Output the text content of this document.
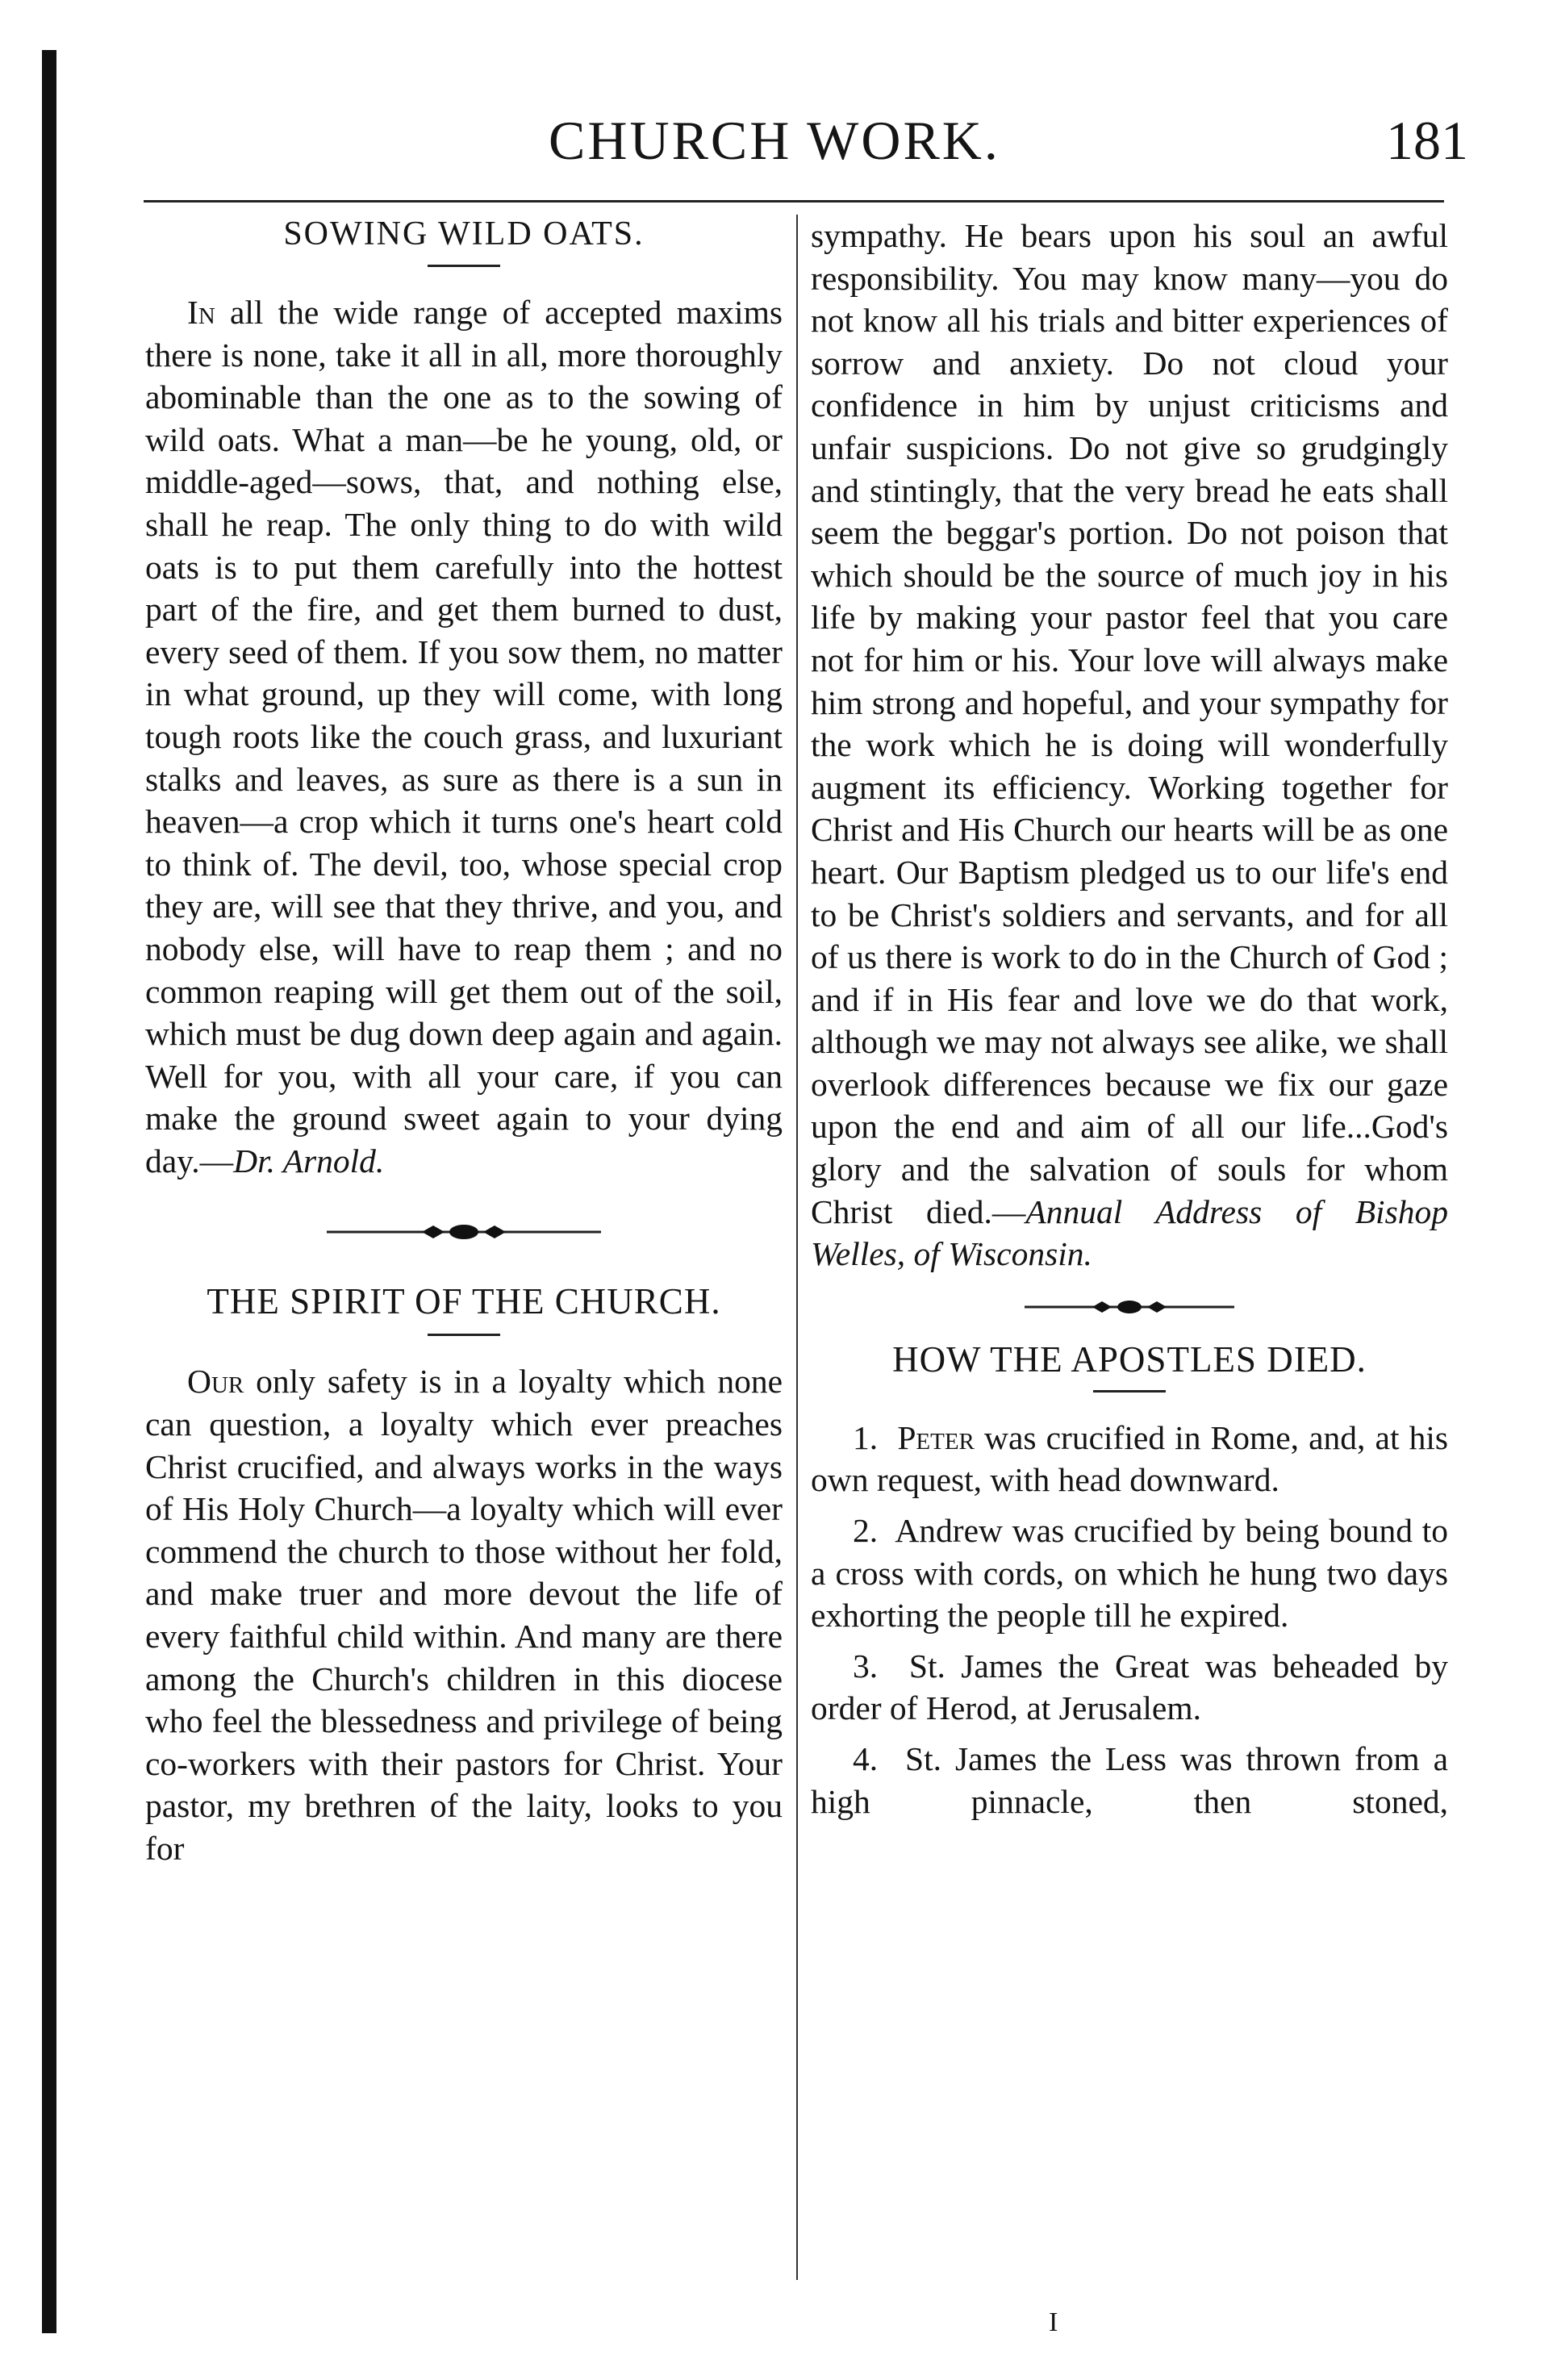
CHURCH WORK.	181
SOWING WILD OATS.

In all the wide range of accepted maxims there is none, take it all in all, more thoroughly abominable than the one as to the sowing of wild oats. What a man—be he young, old, or middle-aged—sows, that, and nothing else, shall he reap. The only thing to do with wild oats is to put them carefully into the hottest part of the fire, and get them burned to dust, every seed of them. If you sow them, no matter in what ground, up they will come, with long tough roots like the couch grass, and luxuriant stalks and leaves, as sure as there is a sun in heaven—a crop which it turns one's heart cold to think of. The devil, too, whose special crop they are, will see that they thrive, and you, and nobody else, will have to reap them ; and no common reaping will get them out of the soil, which must be dug down deep again and again. Well for you, with all your care, if you can make the ground sweet again to your dying day.—Dr. Arnold.

THE SPIRIT OF THE CHURCH.

Our only safety is in a loyalty which none can question, a loyalty which ever preaches Christ crucified, and always works in the ways of His Holy Church—a loyalty which will ever commend the church to those without her fold, and make truer and more devout the life of every faithful child within. And many are there among the Church's children in this diocese who feel the blessedness and privilege of being co-workers with their pastors for Christ. Your pastor, my brethren of the laity, looks to you for

sympathy. He bears upon his soul an awful responsibility. You may know many—you do not know all his trials and bitter experiences of sorrow and anxiety. Do not cloud your confidence in him by unjust criticisms and unfair suspicions. Do not give so grudgingly and stintingly, that the very bread he eats shall seem the beggar's portion. Do not poison that which should be the source of much joy in his life by making your pastor feel that you care not for him or his. Your love will always make him strong and hopeful, and your sympathy for the work which he is doing will wonderfully augment its efficiency. Working together for Christ and His Church our hearts will be as one heart. Our Baptism pledged us to our life's end to be Christ's soldiers and servants, and for all of us there is work to do in the Church of God ; and if in His fear and love we do that work, although we may not always see alike, we shall overlook differences because we fix our gaze upon the end and aim of all our life...God's glory and the salvation of souls for whom Christ died.—Annual Address of Bishop Welles, of Wisconsin.

HOW THE APOSTLES DIED.

1. Peter was crucified in Rome, and, at his own request, with head downward.

2. Andrew was crucified by being bound to a cross with cords, on which he hung two days exhorting the people till he expired.

3. St. James the Great was beheaded by order of Herod, at Jerusalem.

4. St. James the Less was thrown from a high pinnacle, then stoned,

I
